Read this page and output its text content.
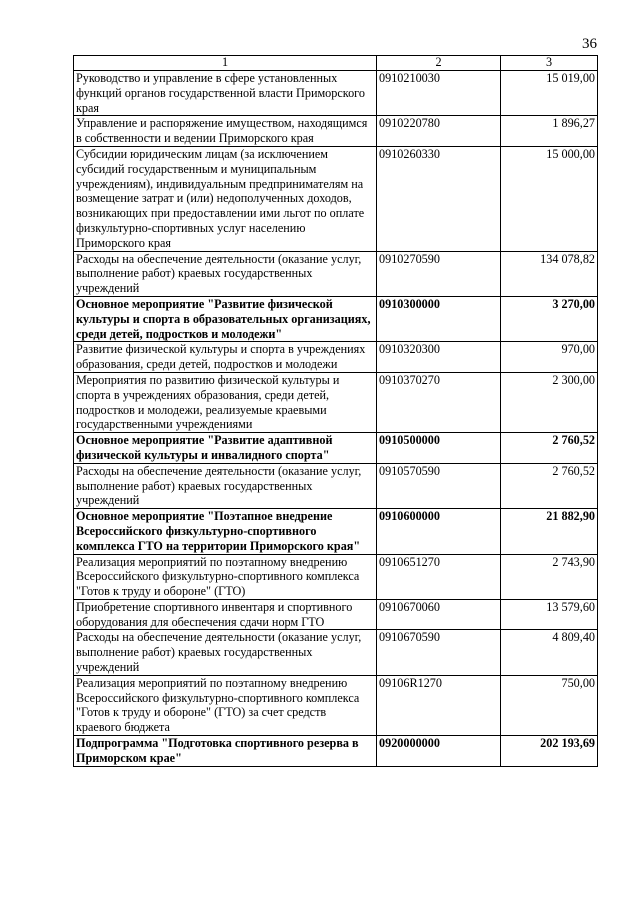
36
1	2	3
Руководство и управление в сфере установленных функций органов государственной власти Приморского края	0910210030	15 019,00
Управление и распоряжение имуществом, находящимся в собственности и ведении Приморского края	0910220780	1 896,27
Субсидии юридическим лицам (за исключением субсидий государственным и муниципальным учреждениям), индивидуальным предпринимателям на возмещение затрат и (или) недополученных доходов, возникающих при предоставлении ими льгот по оплате физкультурно-спортивных услуг населению Приморского края	0910260330	15 000,00
Расходы на обеспечение деятельности (оказание услуг, выполнение работ) краевых государственных учреждений	0910270590	134 078,82
Основное мероприятие "Развитие физической культуры и спорта в образовательных организациях, среди детей, подростков и молодежи"	0910300000	3 270,00
Развитие физической культуры и спорта в учреждениях образования, среди детей, подростков и молодежи	0910320300	970,00
Мероприятия по развитию физической культуры и спорта в учреждениях образования, среди детей, подростков и молодежи, реализуемые краевыми государственными учреждениями	0910370270	2 300,00
Основное мероприятие "Развитие адаптивной физической культуры и инвалидного спорта"	0910500000	2 760,52
Расходы на обеспечение деятельности (оказание услуг, выполнение работ) краевых государственных учреждений	0910570590	2 760,52
Основное мероприятие "Поэтапное внедрение Всероссийского физкультурно-спортивного комплекса ГТО на территории Приморского края"	0910600000	21 882,90
Реализация мероприятий по поэтапному внедрению Всероссийского физкультурно-спортивного комплекса "Готов к труду и обороне" (ГТО)	0910651270	2 743,90
Приобретение спортивного инвентаря и спортивного оборудования для обеспечения сдачи норм ГТО	0910670060	13 579,60
Расходы на обеспечение деятельности (оказание услуг, выполнение работ) краевых государственных учреждений	0910670590	4 809,40
Реализация мероприятий по поэтапному внедрению Всероссийского физкультурно-спортивного комплекса "Готов к труду и обороне" (ГТО) за счет средств краевого бюджета	09106R1270	750,00
Подпрограмма "Подготовка спортивного резерва в Приморском крае"	0920000000	202 193,69
